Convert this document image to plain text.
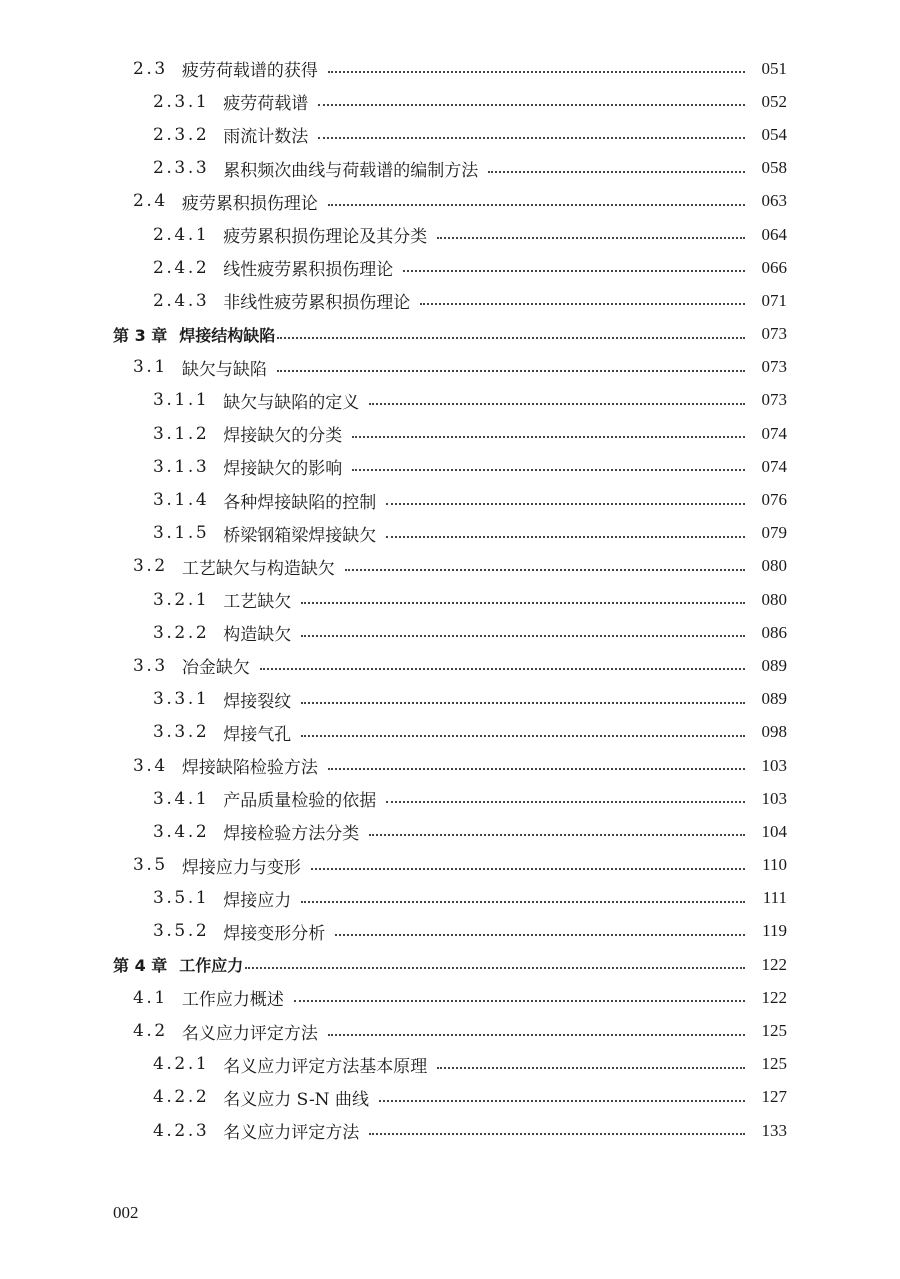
2.3 疲劳荷载谱的获得	051
2.3.1 疲劳荷载谱	052
2.3.2 雨流计数法	054
2.3.3 累积频次曲线与荷载谱的编制方法	058
2.4 疲劳累积损伤理论	063
2.4.1 疲劳累积损伤理论及其分类	064
2.4.2 线性疲劳累积损伤理论	066
2.4.3 非线性疲劳累积损伤理论	071
第 3 章 焊接结构缺陷	073
3.1 缺欠与缺陷	073
3.1.1 缺欠与缺陷的定义	073
3.1.2 焊接缺欠的分类	074
3.1.3 焊接缺欠的影响	074
3.1.4 各种焊接缺陷的控制	076
3.1.5 桥梁钢箱梁焊接缺欠	079
3.2 工艺缺欠与构造缺欠	080
3.2.1 工艺缺欠	080
3.2.2 构造缺欠	086
3.3 冶金缺欠	089
3.3.1 焊接裂纹	089
3.3.2 焊接气孔	098
3.4 焊接缺陷检验方法	103
3.4.1 产品质量检验的依据	103
3.4.2 焊接检验方法分类	104
3.5 焊接应力与变形	110
3.5.1 焊接应力	111
3.5.2 焊接变形分析	119
第 4 章 工作应力	122
4.1 工作应力概述	122
4.2 名义应力评定方法	125
4.2.1 名义应力评定方法基本原理	125
4.2.2 名义应力 S-N 曲线	127
4.2.3 名义应力评定方法	133
002
